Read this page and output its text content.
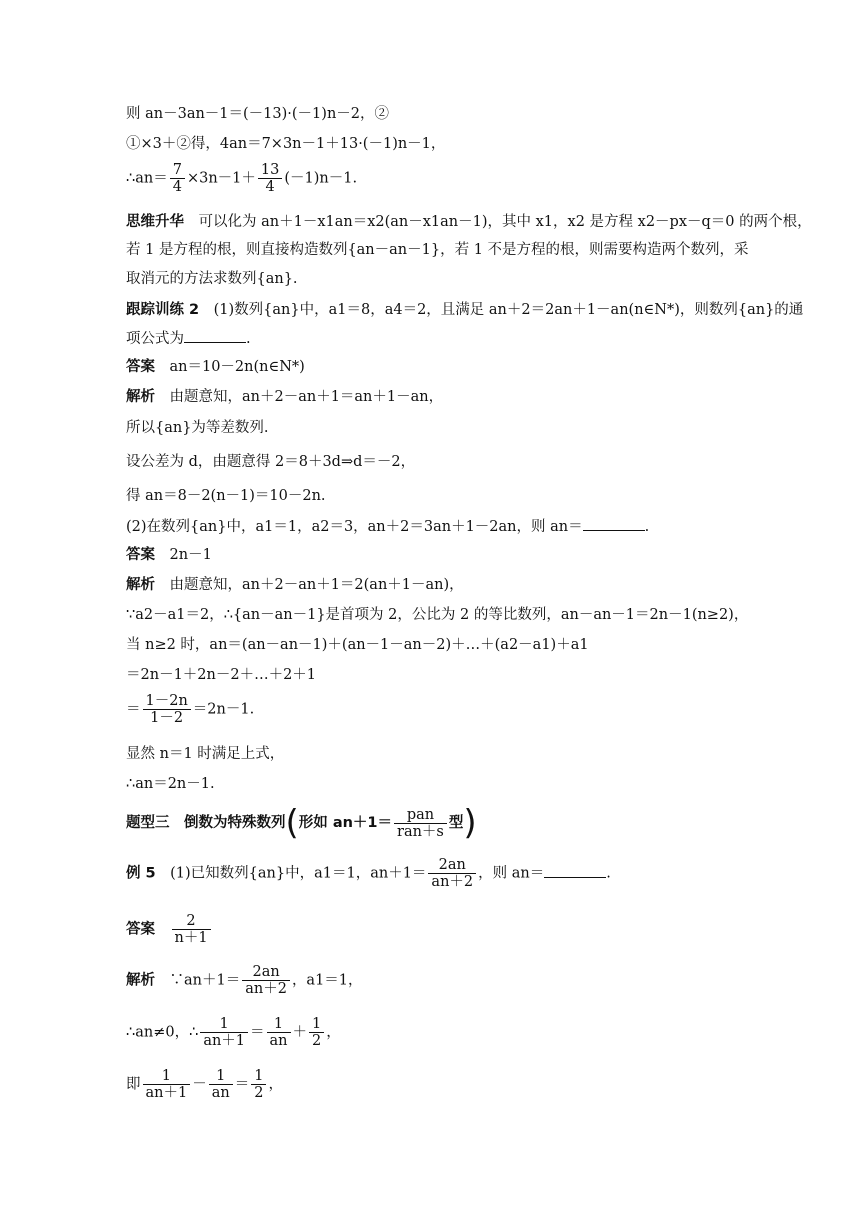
则 an－3an－1＝(－13)·(－1)n－2，②
①×3＋②得，4an＝7×3n－1＋13·(－1)n－1，
∴an＝ $\frac{7}{4} \times 3n-1+ \frac{13}{4} (-1)n-1$.
思维升华　可以化为 an＋1－x1an＝x2(an－x1an－1)，其中 x1，x2 是方程 x2－px－q＝0 的两个根，
若 1 是方程的根，则直接构造数列{an－an－1}，若 1 不是方程的根，则需要构造两个数列，采
取消元的方法求数列{an}.
跟踪训练 2　(1)数列{an}中，a1＝8，a4＝2，且满足 an＋2＝2an＋1－an(n∈N*)，则数列{an}的通
项公式为	.
答案　an＝10－2n(n∈N*)
解析　由题意知，an＋2－an＋1＝an＋1－an，
所以{an}为等差数列.
设公差为 d，由题意得 2＝8＋3d⇒d＝－2，
得 an＝8－2(n－1)＝10－2n.
(2)在数列{an}中，a1＝1，a2＝3，an＋2＝3an＋1－2an，则 an＝	.
答案　2n－1
解析　由题意知，an＋2－an＋1＝2(an＋1－an)，
∵a2－a1＝2，∴{an－an－1}是首项为 2，公比为 2 的等比数列，an－an－1＝2n－1(n≥2)，
当 n≥2 时，an＝(an－an－1)＋(an－1－an－2)＋…＋(a2－a1)＋a1
＝2n－1＋2n－2＋…＋2＋1
＝ $\frac{1-2n}{1-2} =2n-1$.
显然 n＝1 时满足上式，
∴an＝2n－1.
题型三　倒数为特殊数列(形如 $an+1= \frac{\text{pan}}{\text{ran＋s}}$ 型)
例 5　(1)已知数列{an}中，a1＝1，$an+1= \frac{2an}{an+2}$ ，则 an＝	.
答案　 $\frac{2}{n+1}$
解析　∵an＋1＝ $\frac{2an}{an+2}$ ，a1＝1，
∴an≠0，∴ $\frac{1}{an+1} = \frac{1}{an} + \frac{1}{2}$ ，
即 $\frac{1}{an+1} - \frac{1}{an} = \frac{1}{2}$ ，
